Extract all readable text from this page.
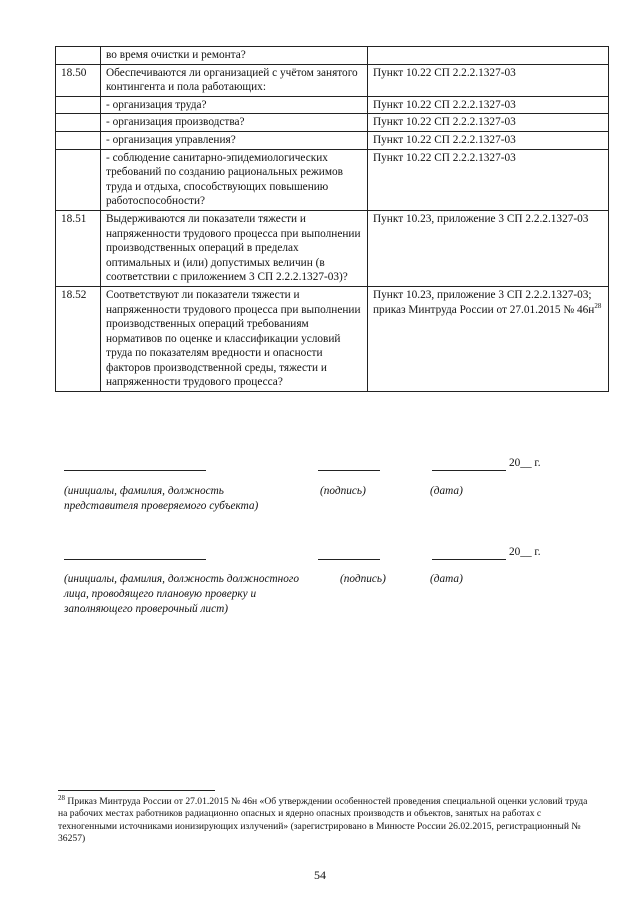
	во время очистки и ремонта?	
18.50	Обеспечиваются ли организацией с учётом занятого контингента и пола работающих:	Пункт 10.22 СП 2.2.2.1327-03
	- организация труда?	Пункт 10.22 СП 2.2.2.1327-03
	- организация производства?	Пункт 10.22 СП 2.2.2.1327-03
	- организация управления?	Пункт 10.22 СП 2.2.2.1327-03
	- соблюдение санитарно-эпидемиологических требований по созданию рациональных режимов труда и отдыха, способствующих повышению работоспособности?	Пункт 10.22 СП 2.2.2.1327-03
18.51	Выдерживаются ли показатели тяжести и напряженности трудового процесса при выполнении производственных операций в пределах оптимальных и (или) допустимых величин (в соответствии с приложением 3 СП 2.2.2.1327-03)?	Пункт 10.23, приложение 3 СП 2.2.2.1327-03
18.52	Соответствуют ли показатели тяжести и напряженности трудового процесса при выполнении производственных операций требованиям нормативов по оценке и классификации условий труда по показателям вредности и опасности факторов производственной среды, тяжести и напряженности трудового процесса?	Пункт 10.23, приложение 3 СП 2.2.2.1327-03; приказ Минтруда России от 27.01.2015 № $46н^{28}$
20__ г.
(инициалы, фамилия, должность представителя проверяемого субъекта)
(подпись)	(дата)
20__ г.
(инициалы, фамилия, должность должностного лица, проводящего плановую проверку и заполняющего проверочный лист)
(подпись)	(дата)
$^{28}$ Приказ Минтруда России от 27.01.2015 № 46н «Об утверждении особенностей проведения специальной оценки условий труда на рабочих местах работников радиационно опасных и ядерно опасных производств и объектов, занятых на работах с техногенными источниками ионизирующих излучений» (зарегистрировано в Минюсте России 26.02.2015, регистрационный № 36257)
54
